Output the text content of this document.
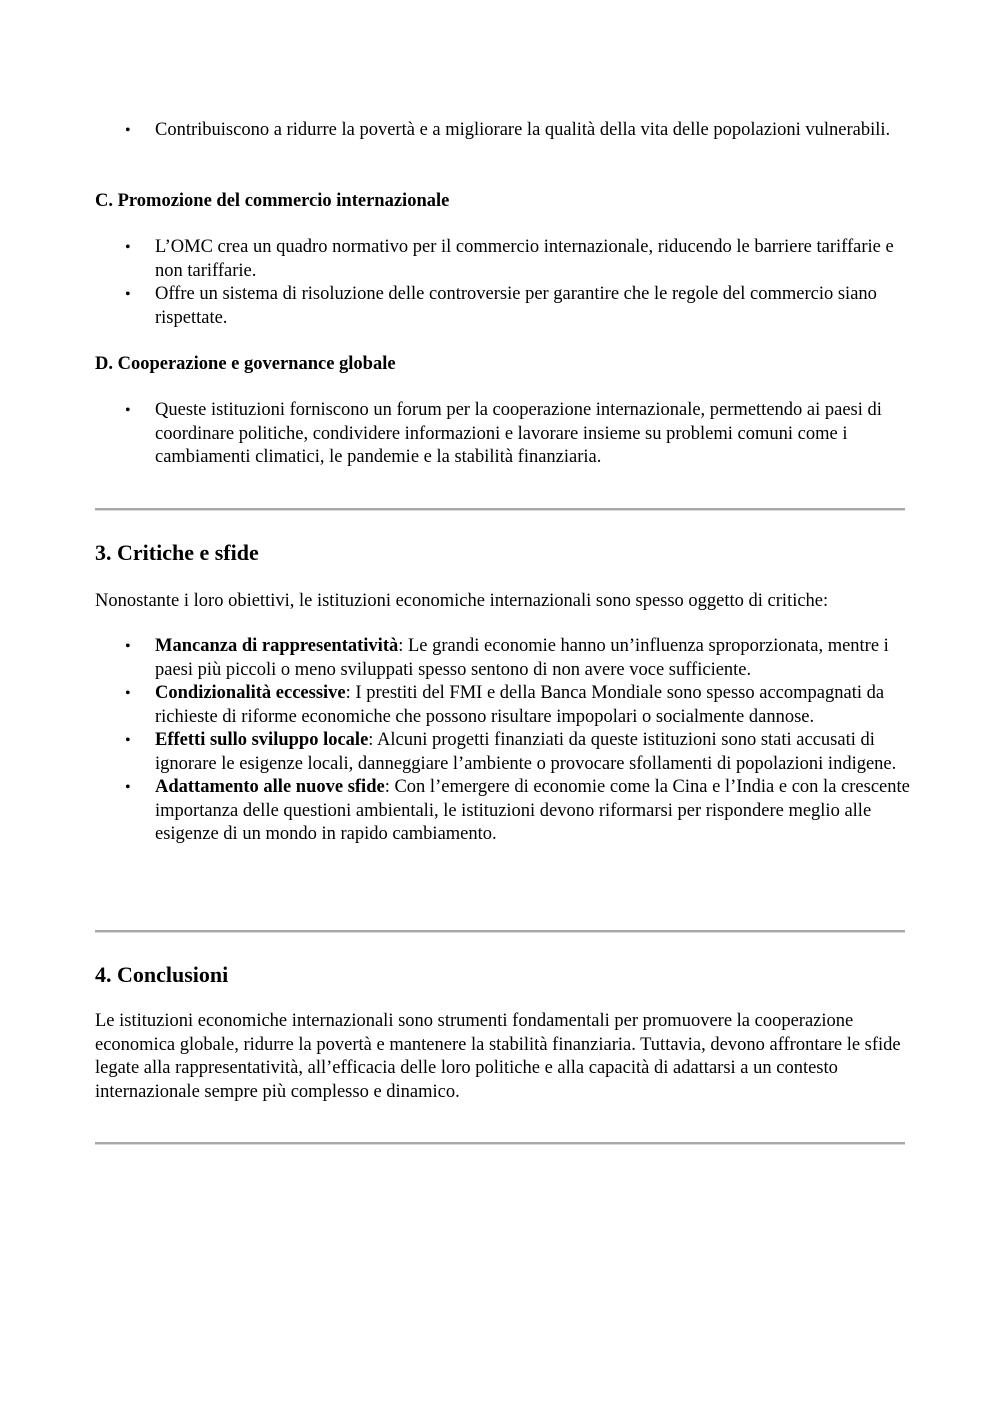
• Contribuiscono a ridurre la povertà e a migliorare la qualità della vita delle popolazioni vulnerabili.
C. Promozione del commercio internazionale
• L’OMC crea un quadro normativo per il commercio internazionale, riducendo le barriere tariffarie e non tariffarie.
• Offre un sistema di risoluzione delle controversie per garantire che le regole del commercio siano rispettate.
D. Cooperazione e governance globale
• Queste istituzioni forniscono un forum per la cooperazione internazionale, permettendo ai paesi di coordinare politiche, condividere informazioni e lavorare insieme su problemi comuni come i cambiamenti climatici, le pandemie e la stabilità finanziaria.
3. Critiche e sfide

Nonostante i loro obiettivi, le istituzioni economiche internazionali sono spesso oggetto di critiche:

• Mancanza di rappresentatività: Le grandi economie hanno un’influenza sproporzionata, mentre i paesi più piccoli o meno sviluppati spesso sentono di non avere voce sufficiente.
• Condizionalità eccessive: I prestiti del FMI e della Banca Mondiale sono spesso accompagnati da richieste di riforme economiche che possono risultare impopolari o socialmente dannose.
• Effetti sullo sviluppo locale: Alcuni progetti finanziati da queste istituzioni sono stati accusati di ignorare le esigenze locali, danneggiare l’ambiente o provocare sfollamenti di popolazioni indigene.
• Adattamento alle nuove sfide: Con l’emergere di economie come la Cina e l’India e con la crescente importanza delle questioni ambientali, le istituzioni devono riformarsi per rispondere meglio alle esigenze di un mondo in rapido cambiamento.
4. Conclusioni

Le istituzioni economiche internazionali sono strumenti fondamentali per promuovere la cooperazione economica globale, ridurre la povertà e mantenere la stabilità finanziaria. Tuttavia, devono affrontare le sfide legate alla rappresentatività, all’efficacia delle loro politiche e alla capacità di adattarsi a un contesto internazionale sempre più complesso e dinamico.
